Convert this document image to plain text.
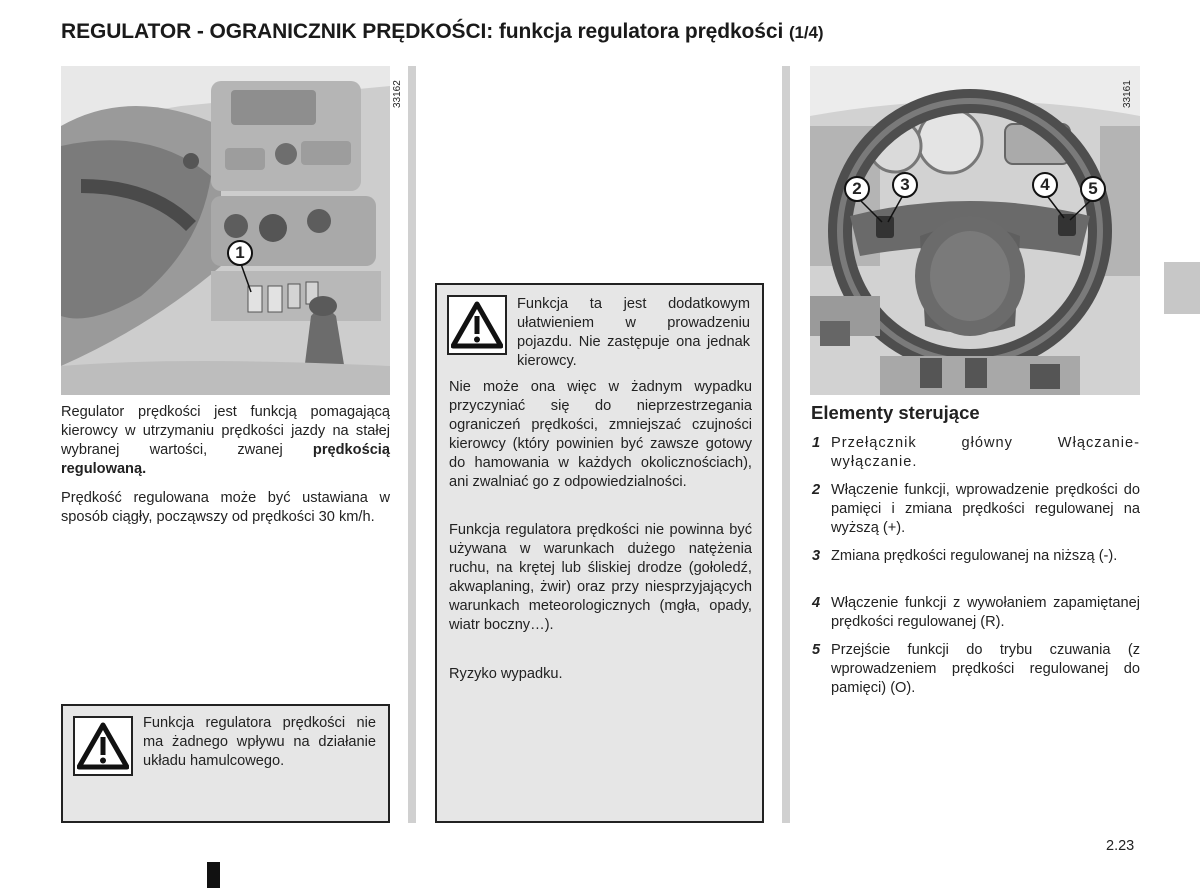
REGULATOR - OGRANICZNIK PRĘDKOŚCI: funkcja regulatora prędkości (1/4)
1
33162
Regulator prędkości jest funkcją pomagającą kierowcy w utrzymaniu prędkości jazdy na stałej wybranej wartości, zwanej prędkością regulowaną.
Prędkość regulowana może być ustawiana w sposób ciągły, począwszy od prędkości 30 km/h.
Funkcja regulatora prędkości nie ma żadnego wpływu na działanie układu hamulcowego.
Funkcja ta jest dodatkowym ułatwieniem w prowadzeniu pojazdu. Nie zastępuje ona jednak kierowcy.
Nie może ona więc w żadnym wypadku przyczyniać się do nieprzestrzegania ograniczeń prędkości, zmniejszać czujności kierowcy (który powinien być zawsze gotowy do hamowania w każdych okolicznościach), ani zwalniać go z odpowiedzialności.
Funkcja regulatora prędkości nie powinna być używana w warunkach dużego natężenia ruchu, na krętej lub śliskiej drodze (gołoledź, akwaplaning, żwir) oraz przy niesprzyjających warunkach meteorologicznych (mgła, opady, wiatr boczny…).
Ryzyko wypadku.
2 3	4 5
33161
Elementy sterujące
1 Przełącznik główny Włączanie-wyłączanie.
2 Włączenie funkcji, wprowadzenie prędkości do pamięci i zmiana prędkości regulowanej na wyższą (+).
3 Zmiana prędkości regulowanej na niższą (-).
4 Włączenie funkcji z wywołaniem zapamiętanej prędkości regulowanej (R).
5 Przejście funkcji do trybu czuwania (z wprowadzeniem prędkości regulowanej do pamięci) (O).
2.23
